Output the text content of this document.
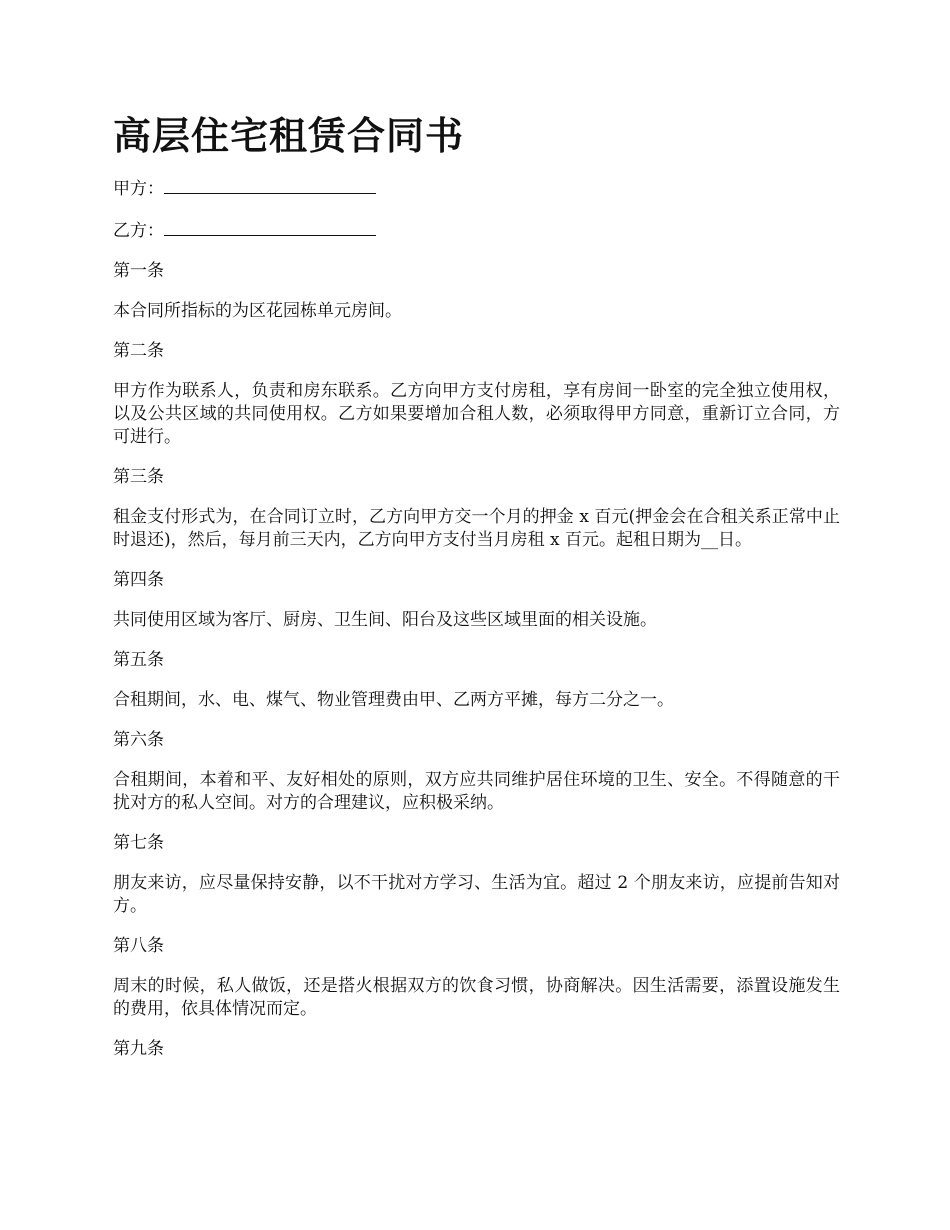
高层住宅租赁合同书

甲方：

乙方：

第一条

本合同所指标的为区花园栋单元房间。

第二条

甲方作为联系人，负责和房东联系。乙方向甲方支付房租，享有房间一卧室的完全独立使用权，以及公共区域的共同使用权。乙方如果要增加合租人数，必须取得甲方同意，重新订立合同，方可进行。

第三条

租金支付形式为，在合同订立时，乙方向甲方交一个月的押金 x 百元(押金会在合租关系正常中止时退还)，然后，每月前三天内，乙方向甲方支付当月房租 x 百元。起租日期为__日。

第四条

共同使用区域为客厅、厨房、卫生间、阳台及这些区域里面的相关设施。

第五条

合租期间，水、电、煤气、物业管理费由甲、乙两方平摊，每方二分之一。

第六条

合租期间，本着和平、友好相处的原则，双方应共同维护居住环境的卫生、安全。不得随意的干扰对方的私人空间。对方的合理建议，应积极采纳。

第七条

朋友来访，应尽量保持安静，以不干扰对方学习、生活为宜。超过 2 个朋友来访，应提前告知对方。

第八条

周末的时候，私人做饭，还是搭火根据双方的饮食习惯，协商解决。因生活需要，添置设施发生的费用，依具体情况而定。

第九条
